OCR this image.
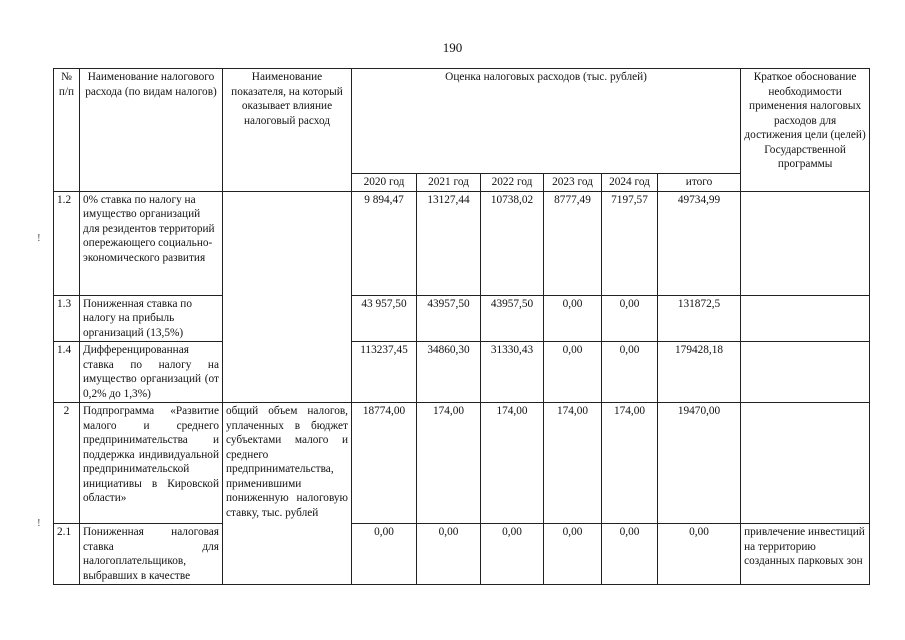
190
!
!
№ п/п	Наименование налогового расхода (по видам налогов)	Наименование показателя, на который оказывает влияние налоговый расход	Оценка налоговых расходов (тыс. рублей)						Краткое обоснование необходимости применения налоговых расходов для достижения цели (целей) Государственной программы
			2020 год	2021 год	2022 год	2023 год	2024 год	итого	
1.2	0% ставка по налогу на имущество организаций для резидентов территорий опережающего социально-экономического развития		9 894,47	13127,44	10738,02	8777,49	7197,57	49734,99	
1.3	Пониженная ставка по налогу на прибыль организаций (13,5%)		43 957,50	43957,50	43957,50	0,00	0,00	131872,5	
1.4	Дифференцированная ставка по налогу на имущество организаций (от 0,2% до 1,3%)		113237,45	34860,30	31330,43	0,00	0,00	179428,18	
2	Подпрограмма «Развитие малого и среднего предпринимательства и поддержка индивидуальной предпринимательской инициативы в Кировской области»	общий объем налогов, уплаченных в бюджет субъектами малого и среднего предпринимательства, применившими пониженную налоговую ставку, тыс. рублей	18774,00	174,00	174,00	174,00	174,00	19470,00	
2.1	Пониженная налоговая ставка для налогоплательщиков, выбравших в качестве		0,00	0,00	0,00	0,00	0,00	0,00	привлечение инвестиций на территорию созданных парковых зон
